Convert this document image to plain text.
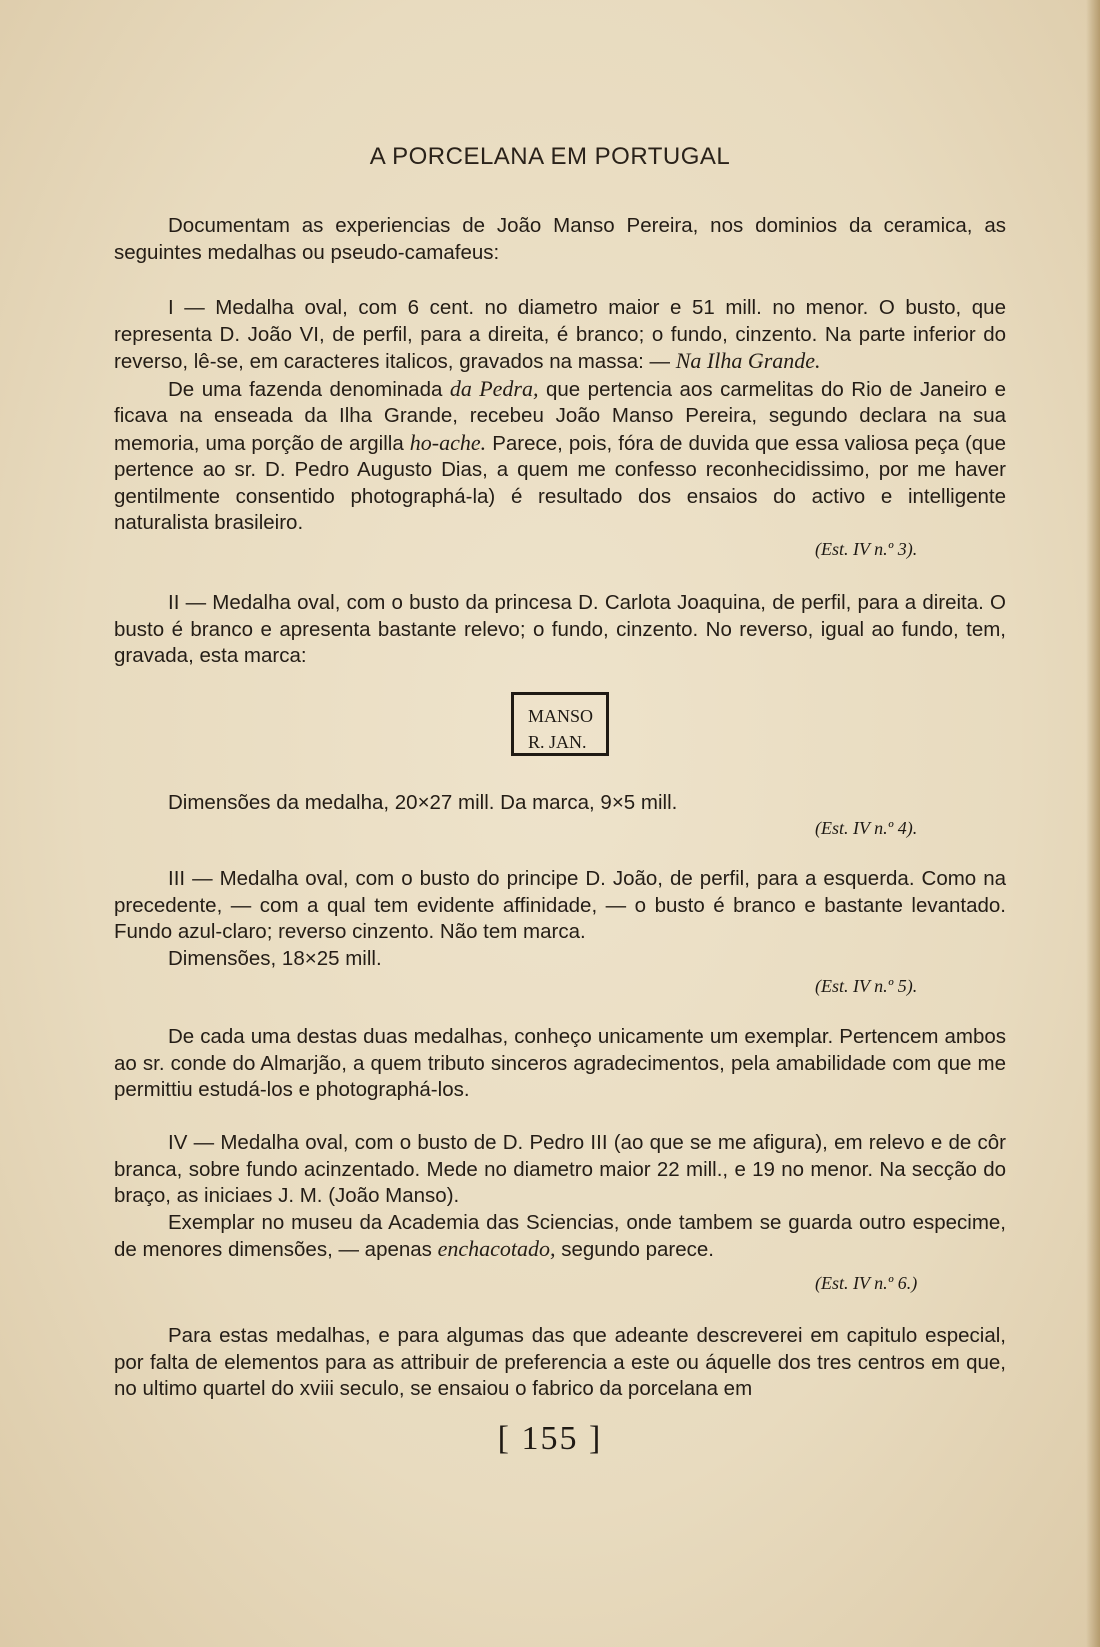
A PORCELANA EM PORTUGAL

Documentam as experiencias de João Manso Pereira, nos dominios da ceramica, as seguintes medalhas ou pseudo-camafeus:

I — Medalha oval, com 6 cent. no diametro maior e 51 mill. no menor. O busto, que representa D. João VI, de perfil, para a direita, é branco; o fundo, cinzento. Na parte inferior do reverso, lê-se, em caracteres italicos, gravados na massa: — Na Ilha Grande.

De uma fazenda denominada da Pedra, que pertencia aos carmelitas do Rio de Janeiro e ficava na enseada da Ilha Grande, recebeu João Manso Pereira, segundo declara na sua memoria, uma porção de argilla ho-ache. Parece, pois, fóra de duvida que essa valiosa peça (que pertence ao sr. D. Pedro Augusto Dias, a quem me confesso reconhecidissimo, por me haver gentilmente consentido photographá-la) é resultado dos ensaios do activo e intelligente naturalista brasileiro.

(Est. IV n.º 3).

II — Medalha oval, com o busto da princesa D. Carlota Joaquina, de perfil, para a direita. O busto é branco e apresenta bastante relevo; o fundo, cinzento. No reverso, igual ao fundo, tem, gravada, esta marca:

MANSO
R. JAN.

Dimensões da medalha, 20×27 mill. Da marca, 9×5 mill.

(Est. IV n.º 4).

III — Medalha oval, com o busto do principe D. João, de perfil, para a esquerda. Como na precedente, — com a qual tem evidente affinidade, — o busto é branco e bastante levantado. Fundo azul-claro; reverso cinzento. Não tem marca.

Dimensões, 18×25 mill.

(Est. IV n.º 5).

De cada uma destas duas medalhas, conheço unicamente um exemplar. Pertencem ambos ao sr. conde do Almarjão, a quem tributo sinceros agradecimentos, pela amabilidade com que me permittiu estudá-los e photographá-los.

IV — Medalha oval, com o busto de D. Pedro III (ao que se me afigura), em relevo e de côr branca, sobre fundo acinzentado. Mede no diametro maior 22 mill., e 19 no menor. Na secção do braço, as iniciaes J. M. (João Manso).

Exemplar no museu da Academia das Sciencias, onde tambem se guarda outro especime, de menores dimensões, — apenas enchacotado, segundo parece.

(Est. IV n.º 6.)

Para estas medalhas, e para algumas das que adeante descreverei em capitulo especial, por falta de elementos para as attribuir de preferencia a este ou áquelle dos tres centros em que, no ultimo quartel do xviii seculo, se ensaiou o fabrico da porcelana em

[ 155 ]
